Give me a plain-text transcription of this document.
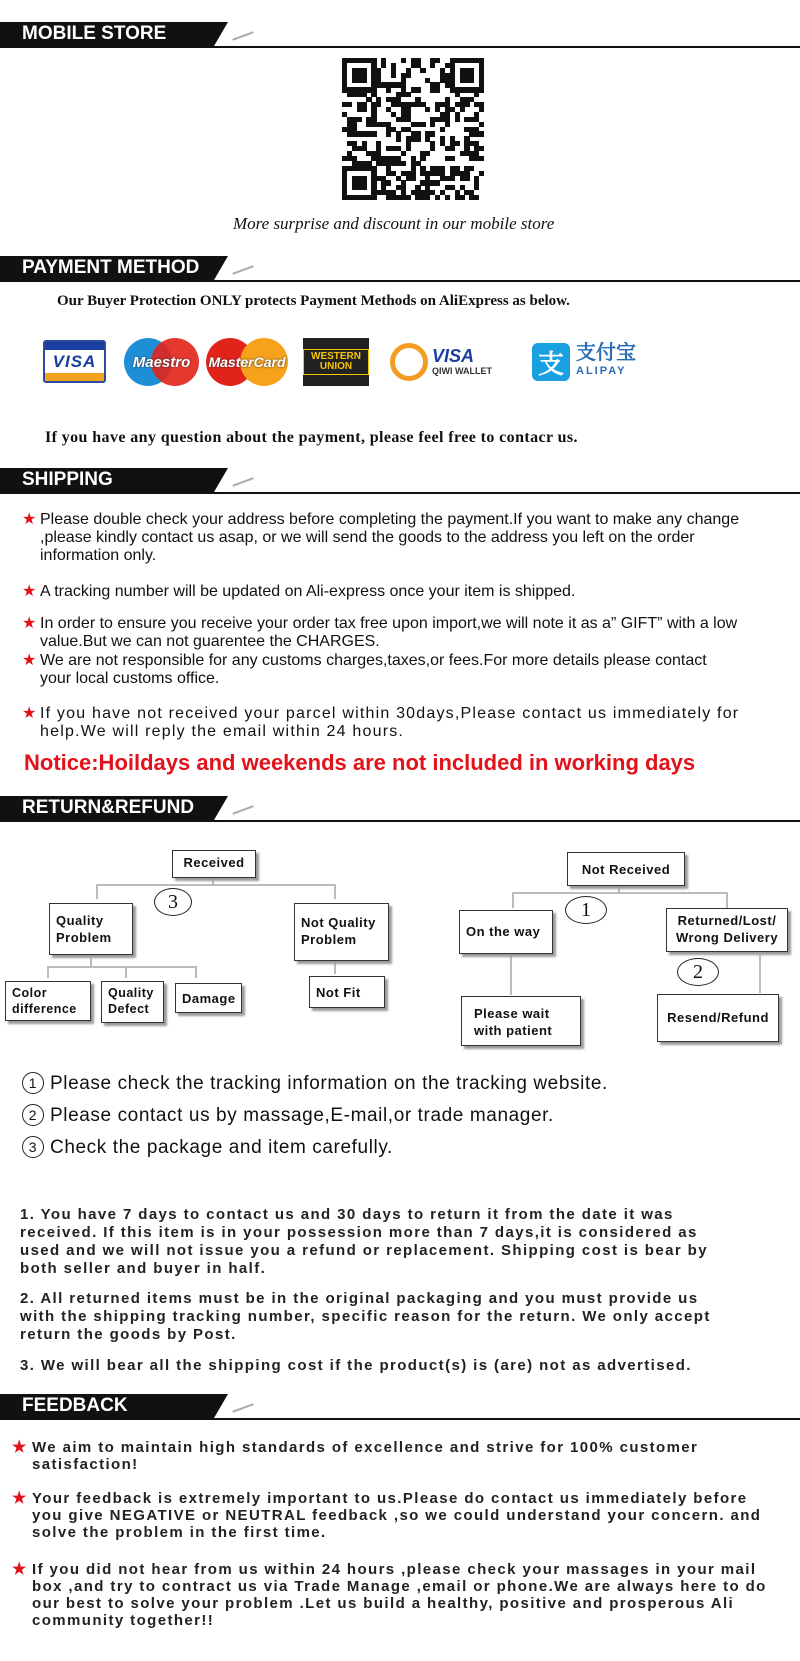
MOBILE STORE
More surprise and discount in our mobile store
PAYMENT METHOD
Our Buyer Protection ONLY protects Payment Methods on AliExpress as below.
VISA Maestro MasterCard	WESTERN UNION
VISA
QIWI WALLET 支 支付宝
ALIPAY
If you have any question about the payment, please feel free to contacr us.
SHIPPING
★ Please double check your address before completing the payment.If you want to make any change ,please kindly contact us asap, or we will send the goods to the address you left on the order information only.
★ A tracking number will be updated on Ali-express once your item is shipped.
★ In order to ensure you receive your order tax free upon import,we will note it as a” GIFT” with a low value.But we can not guarentee the CHARGES.
★ We are not responsible for any customs charges,taxes,or fees.For more details please contact your local customs office.
★ If you have not received your parcel within 30days,Please contact us immediately for help.We will reply the email within 24 hours.
Notice:Hoildays and weekends are not included in working days
RETURN&REFUND
Received
3
Quality Problem
Not Quality Problem
Not Fit
Color difference
Quality Defect
Damage
Not Received
1
On the way
Returned/Lost/ Wrong Delivery
2
Please wait with patient
Resend/Refund
1 Please check the tracking information on the tracking website.
2 Please contact us by massage,E-mail,or trade manager.
3 Check the package and item carefully.
1. You have 7 days to contact us and 30 days to return it from the date it was received. If this item is in your possession more than 7 days,it is considered as used and we will not issue you a refund or replacement. Shipping cost is bear by both seller and buyer in half.
2. All returned items must be in the original packaging and you must provide us with the shipping tracking number, specific reason for the return. We only accept return the goods by Post.
3. We will bear all the shipping cost if the product(s) is (are) not as advertised.
FEEDBACK
★ We aim to maintain high standards of excellence and strive for 100% customer satisfaction!
★ Your feedback is extremely important to us.Please do contact us immediately before you give NEGATIVE or NEUTRAL feedback ,so we could understand your concern. and solve the problem in the first time.
★ If you did not hear from us within 24 hours ,please check your massages in your mail box ,and try to contract us via Trade Manage ,email or phone.We are always here to do our best to solve your problem .Let us build a healthy, positive and prosperous Ali community together!!
